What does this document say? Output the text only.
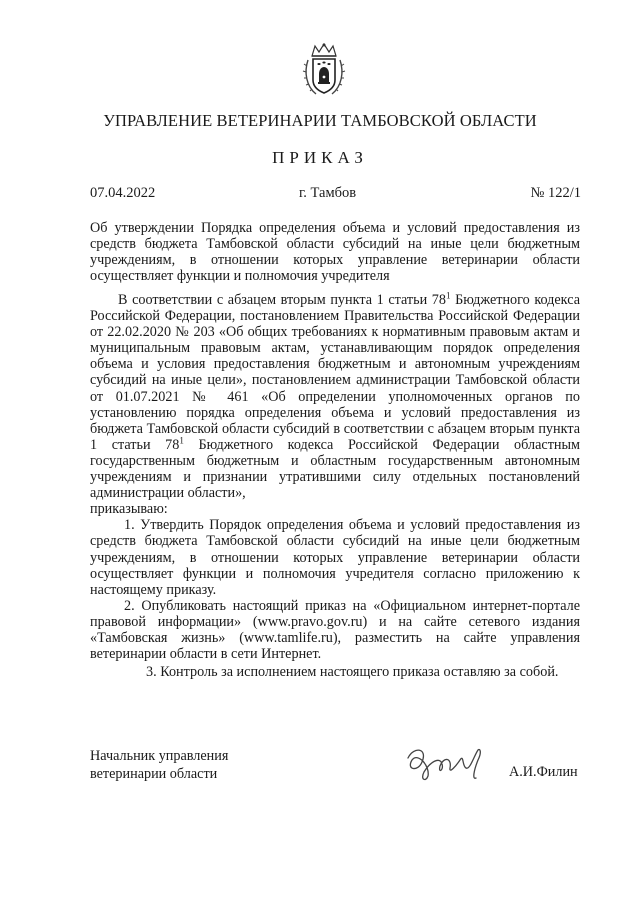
УПРАВЛЕНИЕ ВЕТЕРИНАРИИ ТАМБОВСКОЙ ОБЛАСТИ
ПРИКАЗ
07.04.2022	г. Тамбов	№ 122/1
Об утверждении Порядка определения объема и условий предоставления из средств бюджета Тамбовской области субсидий на иные цели бюджетным учреждениям, в отношении которых управление ветеринарии области осуществляет функции и полномочия учредителя

В соответствии с абзацем вторым пункта 1 статьи $78^1$ Бюджетного кодекса Российской Федерации, постановлением Правительства Российской Федерации от 22.02.2020 № 203 «Об общих требованиях к нормативным правовым актам и муниципальным правовым актам, устанавливающим порядок определения объема и условия предоставления бюджетным и автономным учреждениям субсидий на иные цели», постановлением администрации Тамбовской области от 01.07.2021 № 461 «Об определении уполномоченных органов по установлению порядка определения объема и условий предоставления из бюджета Тамбовской области субсидий в соответствии с абзацем вторым пункта 1 статьи $78^1$ Бюджетного кодекса Российской Федерации областным государственным бюджетным и областным государственным автономным учреждениям и признании утратившими силу отдельных постановлений администрации области»,

приказываю:

1. Утвердить Порядок определения объема и условий предоставления из средств бюджета Тамбовской области субсидий на иные цели бюджетным учреждениям, в отношении которых управление ветеринарии области осуществляет функции и полномочия учредителя согласно приложению к настоящему приказу.

2. Опубликовать настоящий приказ на «Официальном интернет-портале правовой информации» (www.pravo.gov.ru) и на сайте сетевого издания «Тамбовская жизнь» (www.tamlife.ru), разместить на сайте управления ветеринарии области в сети Интернет.

3. Контроль за исполнением настоящего приказа оставляю за собой.

Начальник управления
ветеринарии области	А.И.Филин
